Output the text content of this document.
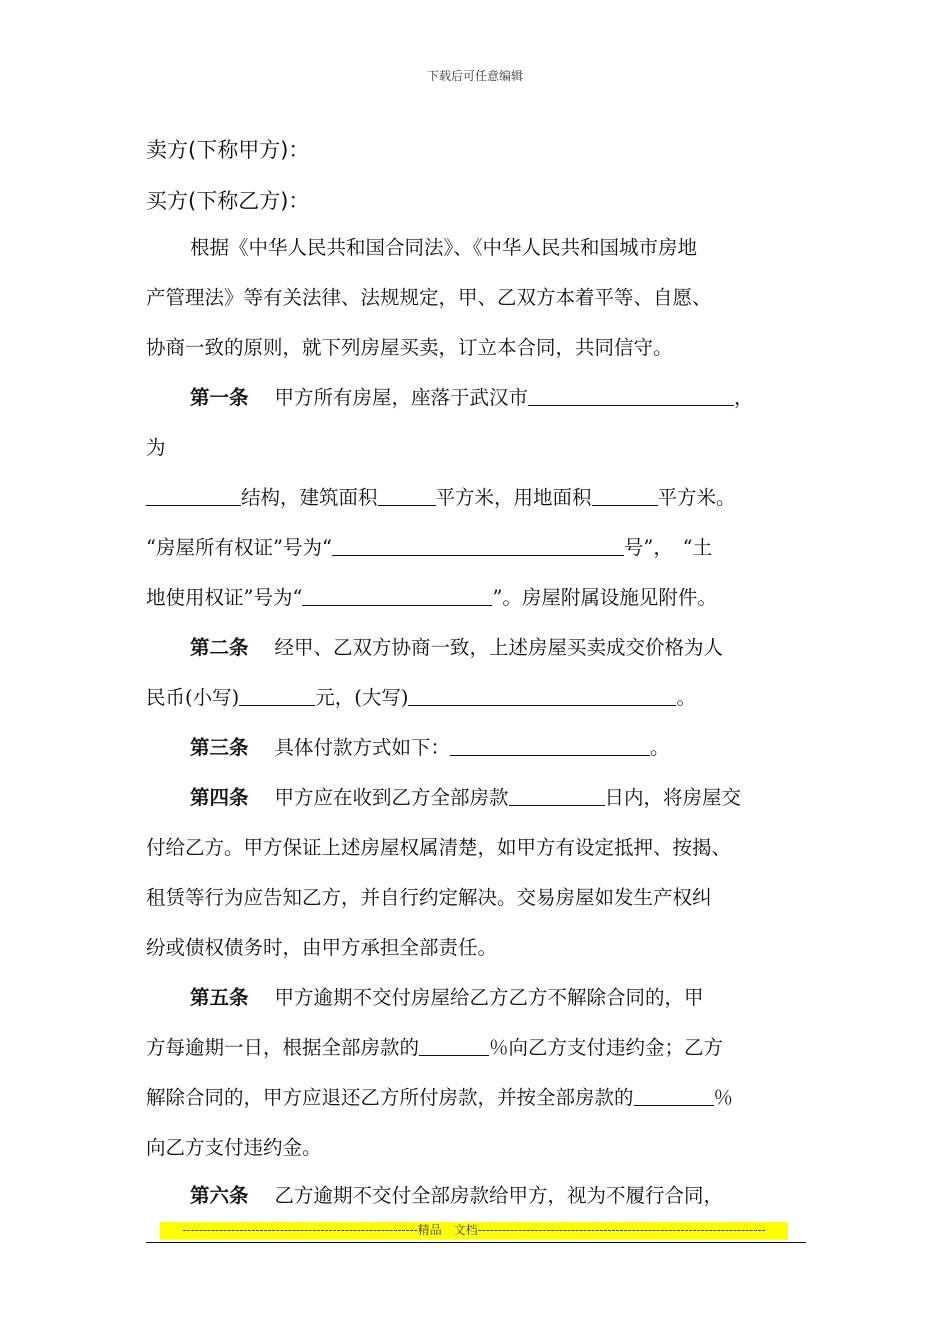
下载后可任意编辑
卖方(下称甲方)：
买方(下称乙方)：
根据《中华人民共和国合同法》、《中华人民共和国城市房地
产管理法》等有关法律、法规规定，甲、乙双方本着平等、自愿、
协商一致的原则，就下列房屋买卖，订立本合同，共同信守。
第一条 甲方所有房屋，座落于武汉市	，
为
结构，建筑面积	平方米，用地面积	平方米。
“房屋所有权证”号为“	号”，　“土
地使用权证”号为“	”。房屋附属设施见附件。
第二条 经甲、乙双方协商一致，上述房屋买卖成交价格为人
民币(小写)	元，(大写)	。
第三条 具体付款方式如下：	。
第四条 甲方应在收到乙方全部房款	日内，将房屋交
付给乙方。甲方保证上述房屋权属清楚，如甲方有设定抵押、按揭、
租赁等行为应告知乙方，并自行约定解决。交易房屋如发生产权纠
纷或债权债务时，由甲方承担全部责任。
第五条 甲方逾期不交付房屋给乙方乙方不解除合同的，甲
方每逾期一日，根据全部房款的	％向乙方支付违约金；乙方
解除合同的，甲方应退还乙方所付房款，并按全部房款的	％
向乙方支付违约金。
第六条 乙方逾期不交付全部房款给甲方，视为不履行合同，
----------------------------------------------------------精品　文档-----------------------------------------------------------------------
